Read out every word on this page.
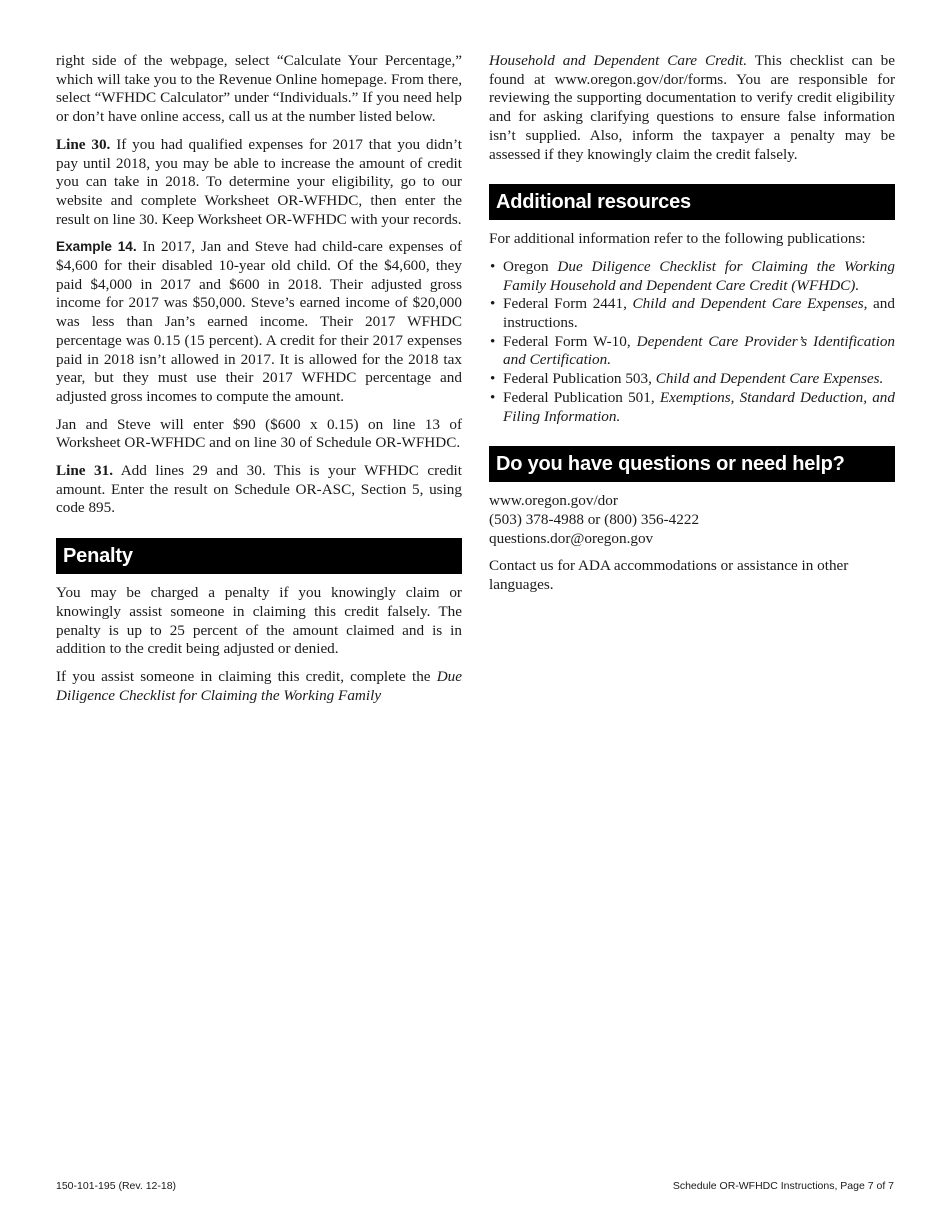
right side of the webpage, select “Calculate Your Percentage,” which will take you to the Revenue Online homepage. From there, select “WFHDC Calculator” under “Individuals.” If you need help or don’t have online access, call us at the number listed below.

Line 30. If you had qualified expenses for 2017 that you didn’t pay until 2018, you may be able to increase the amount of credit you can take in 2018. To determine your eligibility, go to our website and complete Worksheet OR-WFHDC, then enter the result on line 30. Keep Worksheet OR-WFHDC with your records.

Example 14. In 2017, Jan and Steve had child-care expenses of $4,600 for their disabled 10-year old child. Of the $4,600, they paid $4,000 in 2017 and $600 in 2018. Their adjusted gross income for 2017 was $50,000. Steve’s earned income of $20,000 was less than Jan’s earned income. Their 2017 WFHDC percentage was 0.15 (15 percent). A credit for their 2017 expenses paid in 2018 isn’t allowed in 2017. It is allowed for the 2018 tax year, but they must use their 2017 WFHDC percentage and adjusted gross incomes to compute the amount.

Jan and Steve will enter $90 ($600 x 0.15) on line 13 of Worksheet OR-WFHDC and on line 30 of Schedule OR-WFHDC.

Line 31. Add lines 29 and 30. This is your WFHDC credit amount. Enter the result on Schedule OR-ASC, Section 5, using code 895.

Penalty

You may be charged a penalty if you knowingly claim or knowingly assist someone in claiming this credit falsely. The penalty is up to 25 percent of the amount claimed and is in addition to the credit being adjusted or denied.

If you assist someone in claiming this credit, complete the Due Diligence Checklist for Claiming the Working Family

Household and Dependent Care Credit. This checklist can be found at www.oregon.gov/dor/forms. You are responsible for reviewing the supporting documentation to verify credit eligibility and for asking clarifying questions to ensure false information isn’t supplied. Also, inform the taxpayer a penalty may be assessed if they knowingly claim the credit falsely.

Additional resources

For additional information refer to the following publications:

• Oregon Due Diligence Checklist for Claiming the Working Family Household and Dependent Care Credit (WFHDC).
• Federal Form 2441, Child and Dependent Care Expenses, and instructions.
• Federal Form W-10, Dependent Care Provider’s Identification and Certification.
• Federal Publication 503, Child and Dependent Care Expenses.
• Federal Publication 501, Exemptions, Standard Deduction, and Filing Information.
Do you have questions or need help?

www.oregon.gov/dor

(503) 378-4988 or (800) 356-4222

questions.dor@oregon.gov

Contact us for ADA accommodations or assistance in other languages.

150-101-195 (Rev. 12-18)	Schedule OR-WFHDC Instructions, Page 7 of 7
